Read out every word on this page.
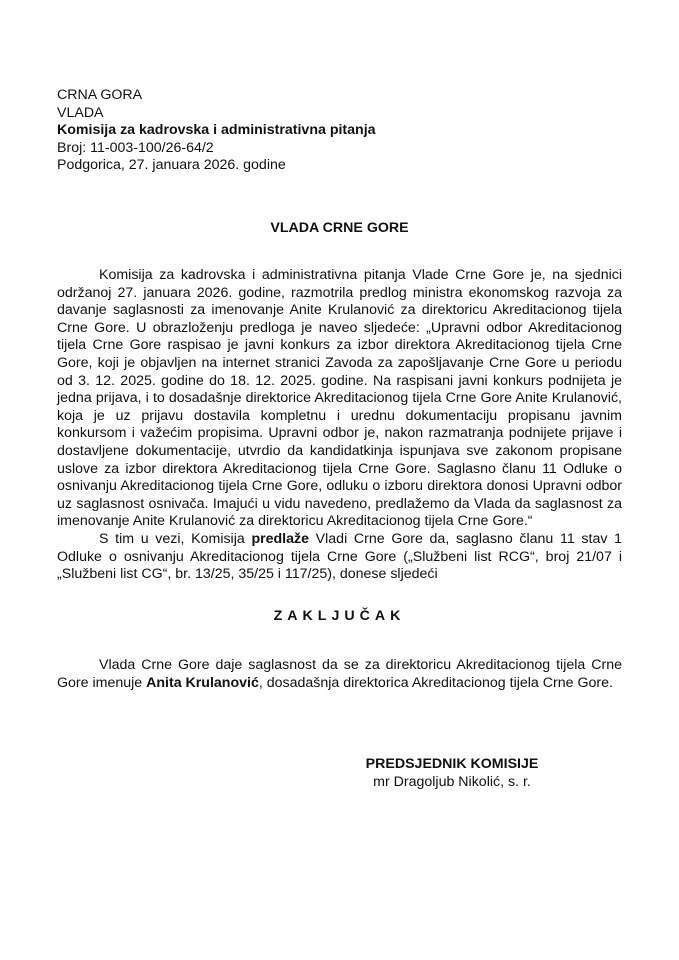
CRNA GORA
VLADA
Komisija za kadrovska i administrativna pitanja
Broj: 11-003-100/26-64/2
Podgorica, 27. januara 2026. godine
VLADA CRNE GORE

Komisija za kadrovska i administrativna pitanja Vlade Crne Gore je, na sjednici održanoj 27. januara 2026. godine, razmotrila predlog ministra ekonomskog razvoja za davanje saglasnosti za imenovanje Anite Krulanović za direktoricu Akreditacionog tijela Crne Gore. U obrazloženju predloga je naveo sljedeće: „Upravni odbor Akreditacionog tijela Crne Gore raspisao je javni konkurs za izbor direktora Akreditacionog tijela Crne Gore, koji je objavljen na internet stranici Zavoda za zapošljavanje Crne Gore u periodu od 3. 12. 2025. godine do 18. 12. 2025. godine. Na raspisani javni konkurs podnijeta je jedna prijava, i to dosadašnje direktorice Akreditacionog tijela Crne Gore Anite Krulanović, koja je uz prijavu dostavila kompletnu i urednu dokumentaciju propisanu javnim konkursom i važećim propisima. Upravni odbor je, nakon razmatranja podnijete prijave i dostavljene dokumentacije, utvrdio da kandidatkinja ispunjava sve zakonom propisane uslove za izbor direktora Akreditacionog tijela Crne Gore. Saglasno članu 11 Odluke o osnivanju Akreditacionog tijela Crne Gore, odluku o izboru direktora donosi Upravni odbor uz saglasnost osnivača. Imajući u vidu navedeno, predlažemo da Vlada da saglasnost za imenovanje Anite Krulanović za direktoricu Akreditacionog tijela Crne Gore.“

S tim u vezi, Komisija predlaže Vladi Crne Gore da, saglasno članu 11 stav 1 Odluke o osnivanju Akreditacionog tijela Crne Gore („Službeni list RCG“, broj 21/07 i „Službeni list CG“, br. 13/25, 35/25 i 117/25), donese sljedeći

ZAKLJUČAK

Vlada Crne Gore daje saglasnost da se za direktoricu Akreditacionog tijela Crne Gore imenuje Anita Krulanović, dosadašnja direktorica Akreditacionog tijela Crne Gore.

PREDSJEDNIK KOMISIJE
mr Dragoljub Nikolić, s. r.
